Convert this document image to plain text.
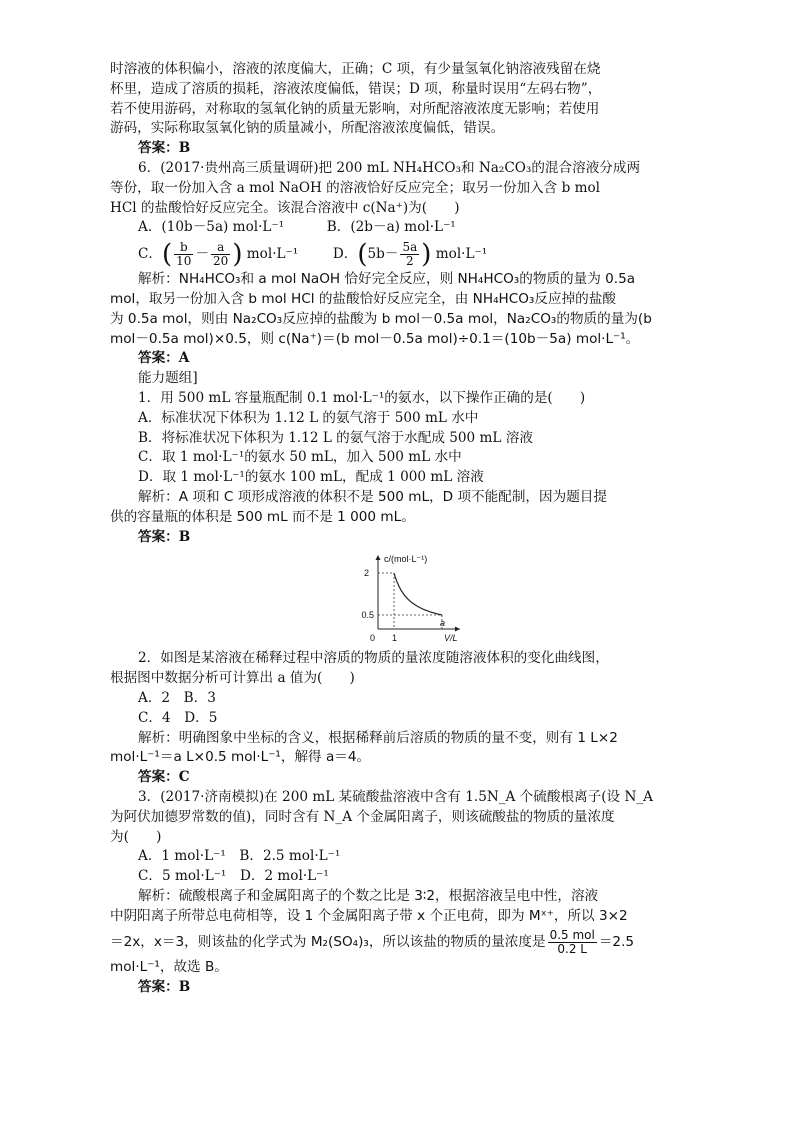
时溶液的体积偏小，溶液的浓度偏大，正确；C 项，有少量氢氧化钠溶液残留在烧
杯里，造成了溶质的损耗，溶液浓度偏低，错误；D 项，称量时误用“左码右物”，
若不使用游码，对称取的氢氧化钠的质量无影响，对所配溶液浓度无影响；若使用
游码，实际称取氢氧化钠的质量减小，所配溶液浓度偏低，错误。
答案：B
6．(2017·贵州高三质量调研)把 200 mL NH₄HCO₃和 Na₂CO₃的混合溶液分成两
等份，取一份加入含 a mol NaOH 的溶液恰好反应完全；取另一份加入含 b mol
HCl 的盐酸恰好反应完全。该混合溶液中 c(Na⁺)为(　　)
A．(10b－5a) mol·L⁻¹	B．(2b－a) mol·L⁻¹
C．( $\frac{b}{10} - \frac{a}{20}$ ) mol·L⁻¹	D．($5b- \frac{5a}{2}$ ) mol·L⁻¹
解析：NH₄HCO₃和 a mol NaOH 恰好完全反应，则 NH₄HCO₃的物质的量为 0.5a
mol，取另一份加入含 b mol HCl 的盐酸恰好反应完全，由 NH₄HCO₃反应掉的盐酸
为 0.5a mol，则由 Na₂CO₃反应掉的盐酸为 b mol－0.5a mol，Na₂CO₃的物质的量为(b
mol－0.5a mol)×0.5，则 c(Na⁺)＝(b mol－0.5a mol)÷0.1＝(10b－5a) mol·L⁻¹。
答案：A
能力题组]
1．用 500 mL 容量瓶配制 0.1 mol·L⁻¹的氨水，以下操作正确的是(　　)
A．标准状况下体积为 1.12 L 的氨气溶于 500 mL 水中
B．将标准状况下体积为 1.12 L 的氨气溶于水配成 500 mL 溶液
C．取 1 mol·L⁻¹的氨水 50 mL，加入 500 mL 水中
D．取 1 mol·L⁻¹的氨水 100 mL，配成 1 000 mL 溶液
解析：A 项和 C 项形成溶液的体积不是 500 mL，D 项不能配制，因为题目提
供的容量瓶的体积是 500 mL 而不是 1 000 mL。
答案：B
c/(mol·L⁻¹)
V/L
2
0.5
0 1
a
2．如图是某溶液在稀释过程中溶质的物质的量浓度随溶液体积的变化曲线图，
根据图中数据分析可计算出 a 值为(　　)
A．2　B．3
C．4　D．5
解析：明确图象中坐标的含义，根据稀释前后溶质的物质的量不变，则有 1 L×2
mol·L⁻¹＝a L×0.5 mol·L⁻¹，解得 a＝4。
答案：C
3．(2017·济南模拟)在 200 mL 某硫酸盐溶液中含有 1.5N_A 个硫酸根离子(设 N_A
为阿伏加德罗常数的值)，同时含有 N_A 个金属阳离子，则该硫酸盐的物质的量浓度
为(　　)
A．1 mol·L⁻¹　B．2.5 mol·L⁻¹
C．5 mol·L⁻¹　D．2 mol·L⁻¹
解析：硫酸根离子和金属阳离子的个数之比是 3∶2，根据溶液呈电中性，溶液
中阴阳离子所带总电荷相等，设 1 个金属阳离子带 x 个正电荷，即为 Mˣ⁺，所以 3×2
＝2x，x＝3，则该盐的化学式为 M₂(SO₄)₃，所以该盐的物质的量浓度是 $\frac{\text{0.5 mol}}{0.2 L} =2.5$
mol·L⁻¹，故选 B。
答案：B
